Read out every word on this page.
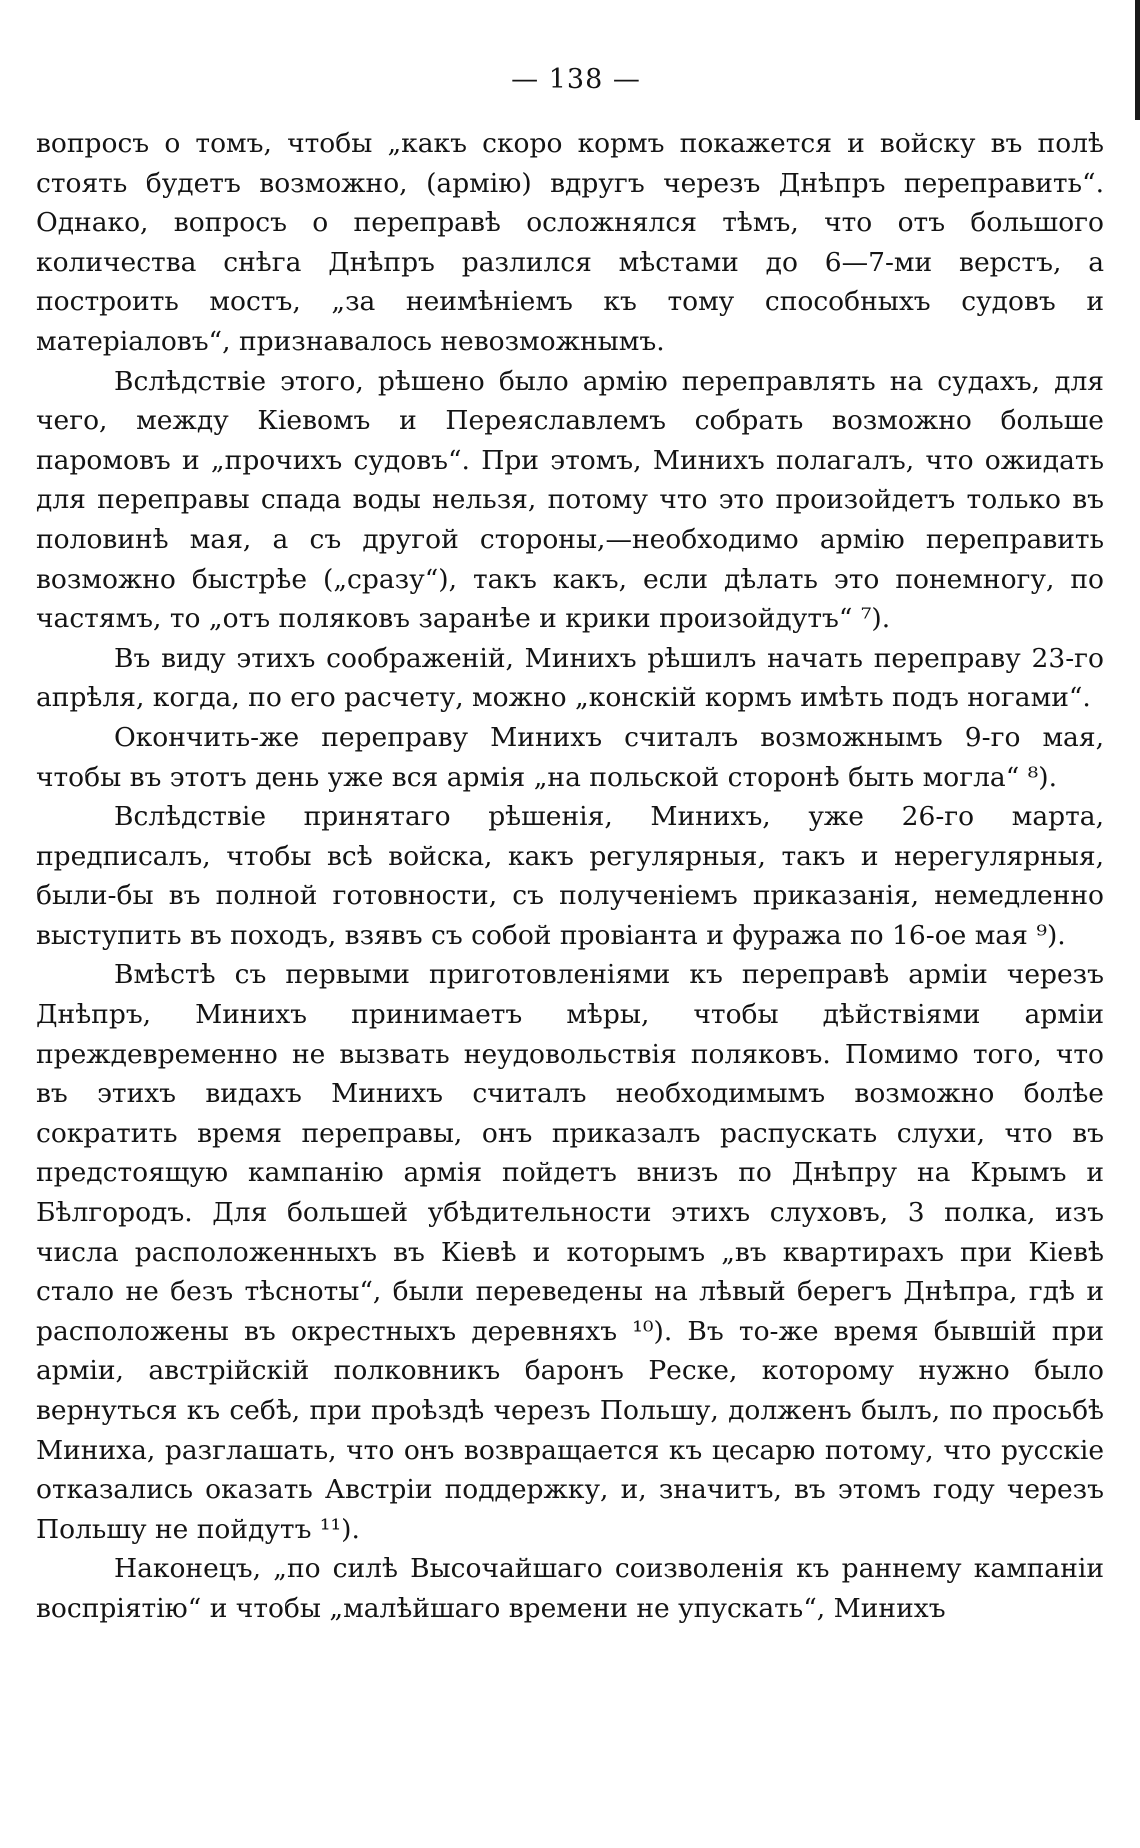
— 138 —

вопросъ о томъ, чтобы „какъ скоро кормъ покажется и войску въ полѣ стоять будетъ возможно, (армію) вдругъ черезъ Днѣпръ переправить“. Однако, вопросъ о переправѣ осложнялся тѣмъ, что отъ большого количества снѣга Днѣпръ разлился мѣстами до 6—7-ми верстъ, а построить мостъ, „за неимѣніемъ къ тому способныхъ судовъ и матеріаловъ“, признавалось невозможнымъ.

Вслѣдствіе этого, рѣшено было армію переправлять на судахъ, для чего, между Кіевомъ и Переяславлемъ собрать возможно больше паромовъ и „прочихъ судовъ“. При этомъ, Минихъ полагалъ, что ожидать для переправы спада воды нельзя, потому что это произойдетъ только въ половинѣ мая, а съ другой стороны,—необходимо армію переправить возможно быстрѣе („сразу“), такъ какъ, если дѣлать это понемногу, по частямъ, то „отъ поляковъ заранѣе и крики произойдутъ“ ⁷).

Въ виду этихъ соображеній, Минихъ рѣшилъ начать переправу 23-го апрѣля, когда, по его расчету, можно „конскій кормъ имѣть подъ ногами“.

Окончить-же переправу Минихъ считалъ возможнымъ 9-го мая, чтобы въ этотъ день уже вся армія „на польской сторонѣ быть могла“ ⁸).

Вслѣдствіе принятаго рѣшенія, Минихъ, уже 26-го марта, предписалъ, чтобы всѣ войска, какъ регулярныя, такъ и нерегулярныя, были-бы въ полной готовности, съ полученіемъ приказанія, немедленно выступить въ походъ, взявъ съ собой провіанта и фуража по 16-ое мая ⁹).

Вмѣстѣ съ первыми приготовленіями къ переправѣ арміи черезъ Днѣпръ, Минихъ принимаетъ мѣры, чтобы дѣйствіями арміи преждевременно не вызвать неудовольствія поляковъ. Помимо того, что въ этихъ видахъ Минихъ считалъ необходимымъ возможно болѣе сократить время переправы, онъ приказалъ распускать слухи, что въ предстоящую кампанію армія пойдетъ внизъ по Днѣпру на Крымъ и Бѣлгородъ. Для большей убѣдительности этихъ слуховъ, 3 полка, изъ числа расположенныхъ въ Кіевѣ и которымъ „въ квартирахъ при Кіевѣ стало не безъ тѣсноты“, были переведены на лѣвый берегъ Днѣпра, гдѣ и расположены въ окрестныхъ деревняхъ ¹⁰). Въ то-же время бывшій при арміи, австрійскій полковникъ баронъ Реске, которому нужно было вернуться къ себѣ, при проѣздѣ черезъ Польшу, долженъ былъ, по просьбѣ Миниха, разглашать, что онъ возвращается къ цесарю потому, что русскіе отказались оказать Австріи поддержку, и, значитъ, въ этомъ году черезъ Польшу не пойдутъ ¹¹).

Наконецъ, „по силѣ Высочайшаго соизволенія къ раннему кампаніи воспріятію“ и чтобы „малѣйшаго времени не упускать“, Минихъ
